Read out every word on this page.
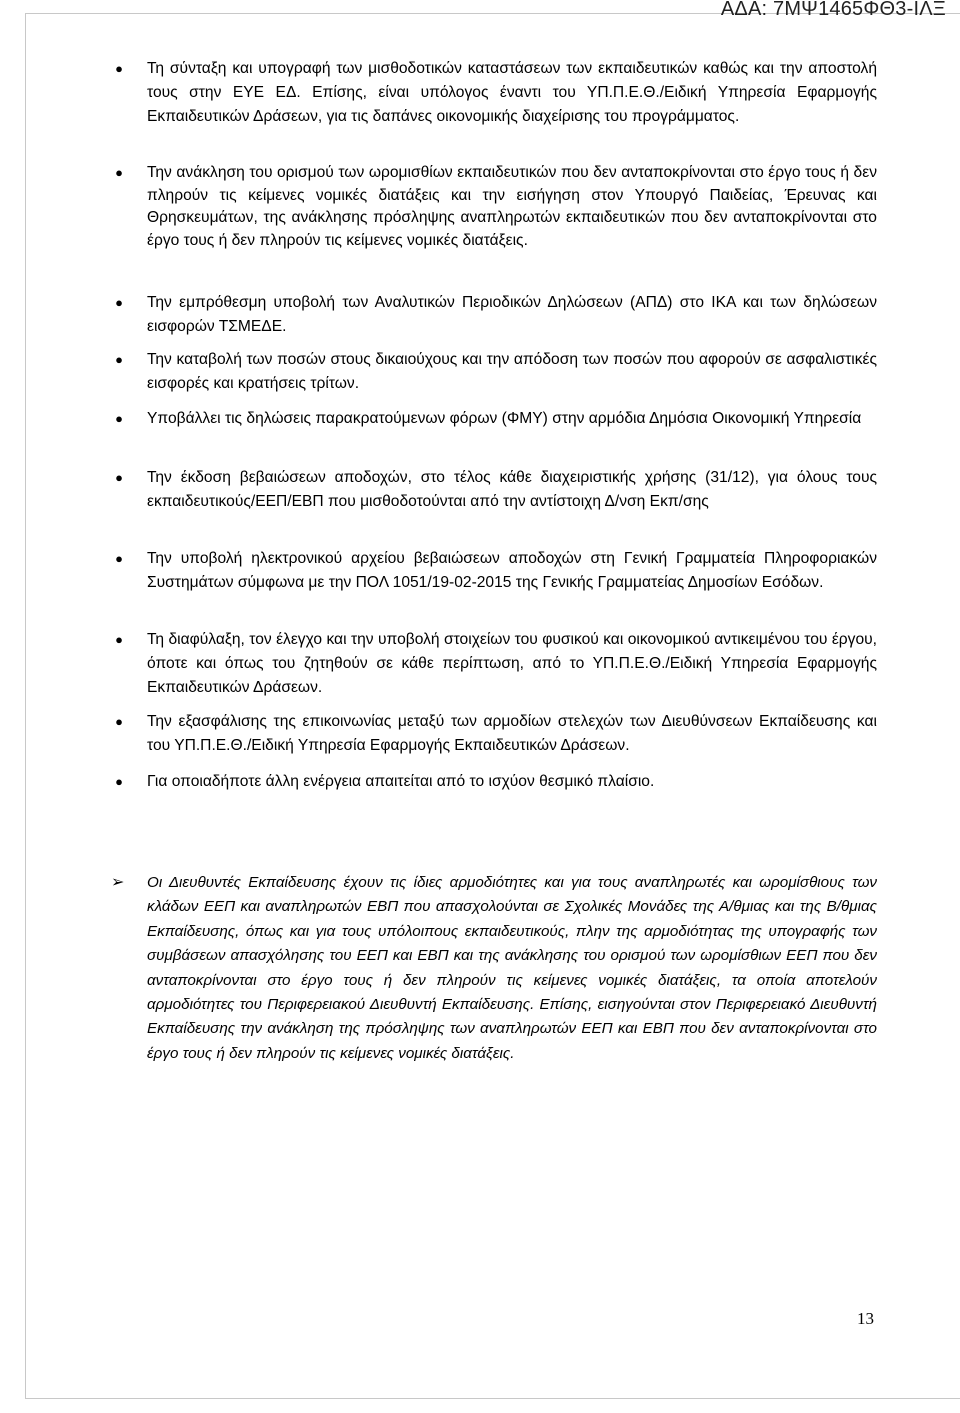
ΑΔΑ: 7ΜΨ1465ΦΘ3-ΙΛΞ
● Τη σύνταξη και υπογραφή των μισθοδοτικών καταστάσεων των εκπαιδευτικών καθώς και την αποστολή τους στην ΕΥΕ ΕΔ. Επίσης, είναι υπόλογος έναντι του ΥΠ.Π.Ε.Θ./Ειδική Υπηρεσία Εφαρμογής Εκπαιδευτικών Δράσεων, για τις δαπάνες οικονομικής διαχείρισης του προγράμματος.
● Την ανάκληση του ορισμού των ωρομισθίων εκπαιδευτικών που δεν ανταποκρίνονται στο έργο τους ή δεν πληρούν τις κείμενες νομικές διατάξεις και την εισήγηση στον Υπουργό Παιδείας, Έρευνας και Θρησκευμάτων, της ανάκλησης πρόσληψης αναπληρωτών εκπαιδευτικών που δεν ανταποκρίνονται στο έργο τους ή δεν πληρούν τις κείμενες νομικές διατάξεις.
● Την εμπρόθεσμη υποβολή των Αναλυτικών Περιοδικών Δηλώσεων (ΑΠΔ) στο ΙΚΑ και των δηλώσεων εισφορών ΤΣΜΕΔΕ.
● Την καταβολή των ποσών στους δικαιούχους και την απόδοση των ποσών που αφορούν σε ασφαλιστικές εισφορές και κρατήσεις τρίτων.
● Υποβάλλει τις δηλώσεις παρακρατούμενων φόρων (ΦΜΥ) στην αρμόδια Δημόσια Οικονομική Υπηρεσία
● Την έκδοση βεβαιώσεων αποδοχών, στο τέλος κάθε διαχειριστικής χρήσης (31/12), για όλους τους εκπαιδευτικούς/ΕΕΠ/ΕΒΠ που μισθοδοτούνται από την αντίστοιχη Δ/νση Εκπ/σης
● Την υποβολή ηλεκτρονικού αρχείου βεβαιώσεων αποδοχών στη Γενική Γραμματεία Πληροφοριακών Συστημάτων σύμφωνα με την ΠΟΛ 1051/19-02-2015 της Γενικής Γραμματείας Δημοσίων Εσόδων.
● Τη διαφύλαξη, τον έλεγχο και την υποβολή στοιχείων του φυσικού και οικονομικού αντικειμένου του έργου, όποτε και όπως του ζητηθούν σε κάθε περίπτωση, από το ΥΠ.Π.Ε.Θ./Ειδική Υπηρεσία Εφαρμογής Εκπαιδευτικών Δράσεων.
● Την εξασφάλισης της επικοινωνίας μεταξύ των αρμοδίων στελεχών των Διευθύνσεων Εκπαίδευσης και του ΥΠ.Π.Ε.Θ./Ειδική Υπηρεσία Εφαρμογής Εκπαιδευτικών Δράσεων.
● Για οποιαδήποτε άλλη ενέργεια απαιτείται από το ισχύον θεσμικό πλαίσιο.
➢ Οι Διευθυντές Εκπαίδευσης έχουν τις ίδιες αρμοδιότητες και για τους αναπληρωτές και ωρομίσθιους των κλάδων ΕΕΠ και αναπληρωτών ΕΒΠ που απασχολούνται σε Σχολικές Μονάδες της Α/θμιας και της Β/θμιας Εκπαίδευσης, όπως και για τους υπόλοιπους εκπαιδευτικούς, πλην της αρμοδιότητας της υπογραφής των συμβάσεων απασχόλησης του ΕΕΠ και ΕΒΠ και της ανάκλησης του ορισμού των ωρομίσθιων ΕΕΠ που δεν ανταποκρίνονται στο έργο τους ή δεν πληρούν τις κείμενες νομικές διατάξεις, τα οποία αποτελούν αρμοδιότητες του Περιφερειακού Διευθυντή Εκπαίδευσης. Επίσης, εισηγούνται στον Περιφερειακό Διευθυντή Εκπαίδευσης την ανάκληση της πρόσληψης των αναπληρωτών ΕΕΠ και ΕΒΠ που δεν ανταποκρίνονται στο έργο τους ή δεν πληρούν τις κείμενες νομικές διατάξεις.
13
